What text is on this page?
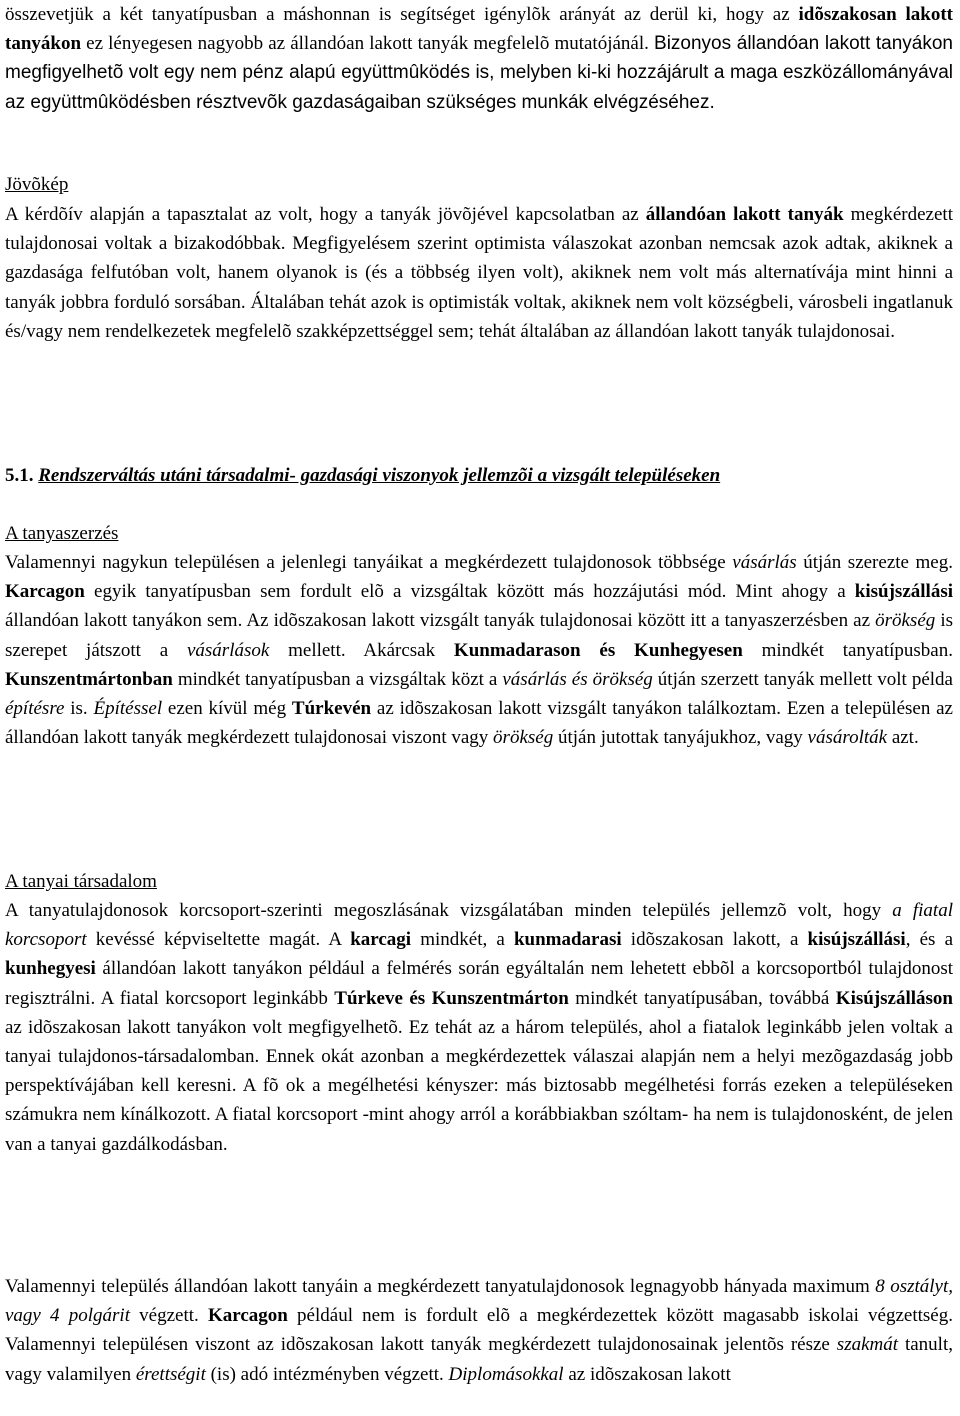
összevetjük a két tanyatípusban a máshonnan is segítséget igénylõk arányát az derül ki, hogy az idõszakosan lakott tanyákon ez lényegesen nagyobb az állandóan lakott tanyák megfelelõ mutatójánál. Bizonyos állandóan lakott tanyákon megfigyelhetõ volt egy nem pénz alapú együttmûködés is, melyben ki-ki hozzájárult a maga eszközállományával az együttmûködésben résztvevõk gazdaságaiban szükséges munkák elvégzéséhez.

Jövõkép

A kérdõív alapján a tapasztalat az volt, hogy a tanyák jövõjével kapcsolatban az állandóan lakott tanyák megkérdezett tulajdonosai voltak a bizakodóbbak. Megfigyelésem szerint optimista válaszokat azonban nemcsak azok adtak, akiknek a gazdasága felfutóban volt, hanem olyanok is (és a többség ilyen volt), akiknek nem volt más alternatívája mint hinni a tanyák jobbra forduló sorsában. Általában tehát azok is optimisták voltak, akiknek nem volt községbeli, városbeli ingatlanuk és/vagy nem rendelkezetek megfelelõ szakképzettséggel sem; tehát általában az állandóan lakott tanyák tulajdonosai.

5.1. Rendszerváltás utáni társadalmi- gazdasági viszonyok jellemzõi a vizsgált településeken
A tanyaszerzés

Valamennyi nagykun településen a jelenlegi tanyáikat a megkérdezett tulajdonosok többsége vásárlás útján szerezte meg. Karcagon egyik tanyatípusban sem fordult elõ a vizsgáltak között más hozzájutási mód. Mint ahogy a kisújszállási állandóan lakott tanyákon sem. Az idõszakosan lakott vizsgált tanyák tulajdonosai között itt a tanyaszerzésben az örökség is szerepet játszott a vásárlások mellett. Akárcsak Kunmadarason és Kunhegyesen mindkét tanyatípusban. Kunszentmártonban mindkét tanyatípusban a vizsgáltak közt a vásárlás és örökség útján szerzett tanyák mellett volt példa építésre is. Építéssel ezen kívül még Túrkevén az idõszakosan lakott vizsgált tanyákon találkoztam. Ezen a településen az állandóan lakott tanyák megkérdezett tulajdonosai viszont vagy örökség útján jutottak tanyájukhoz, vagy vásárolták azt.

A tanyai társadalom

A tanyatulajdonosok korcsoport-szerinti megoszlásának vizsgálatában minden település jellemzõ volt, hogy a fiatal korcsoport kevéssé képviseltette magát. A karcagi mindkét, a kunmadarasi idõszakosan lakott, a kisújszállási, és a kunhegyesi állandóan lakott tanyákon például a felmérés során egyáltalán nem lehetett ebbõl a korcsoportból tulajdonost regisztrálni. A fiatal korcsoport leginkább Túrkeve és Kunszentmárton mindkét tanyatípusában, továbbá Kisújszálláson az idõszakosan lakott tanyákon volt megfigyelhetõ. Ez tehát az a három település, ahol a fiatalok leginkább jelen voltak a tanyai tulajdonos-társadalomban. Ennek okát azonban a megkérdezettek válaszai alapján nem a helyi mezõgazdaság jobb perspektívájában kell keresni. A fõ ok a megélhetési kényszer: más biztosabb megélhetési forrás ezeken a településeken számukra nem kínálkozott. A fiatal korcsoport -mint ahogy arról a korábbiakban szóltam- ha nem is tulajdonosként, de jelen van a tanyai gazdálkodásban.

Valamennyi település állandóan lakott tanyáin a megkérdezett tanyatulajdonosok legnagyobb hányada maximum 8 osztályt, vagy 4 polgárit végzett. Karcagon például nem is fordult elõ a megkérdezettek között magasabb iskolai végzettség. Valamennyi településen viszont az idõszakosan lakott tanyák megkérdezett tulajdonosainak jelentõs része szakmát tanult, vagy valamilyen érettségit (is) adó intézményben végzett. Diplomásokkal az idõszakosan lakott
